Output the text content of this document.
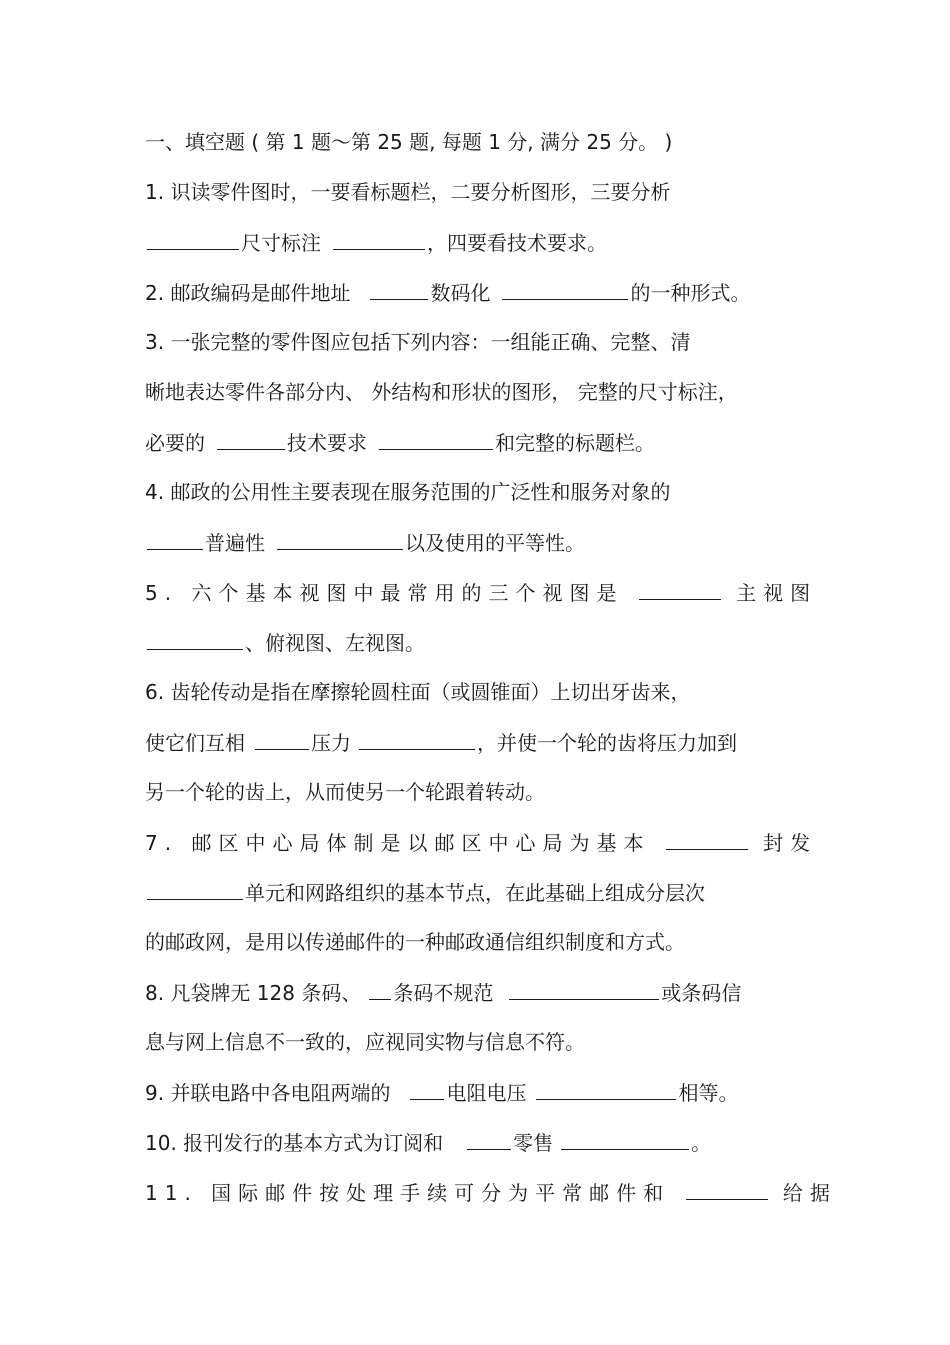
一、填空题 ( 第 1 题～第 25 题, 每题 1 分, 满分 25 分。 )
1. 识读零件图时，一要看标题栏，二要分析图形，三要分析
尺寸标注	，四要看技术要求。
2. 邮政编码是邮件地址	数码化	的一种形式。
3. 一张完整的零件图应包括下列内容：一组能正确、完整、清
晰地表达零件各部分内、 外结构和形状的图形， 完整的尺寸标注，
必要的	技术要求	和完整的标题栏。
4. 邮政的公用性主要表现在服务范围的广泛性和服务对象的
普遍性	以及使用的平等性。
5. 六个基本视图中最常用的三个视图是	主视图
、俯视图、左视图。
6. 齿轮传动是指在摩擦轮圆柱面（或圆锥面）上切出牙齿来，
使它们互相	压力	，并使一个轮的齿将压力加到
另一个轮的齿上，从而使另一个轮跟着转动。
7. 邮区中心局体制是以邮区中心局为基本	封发
单元和网路组织的基本节点，在此基础上组成分层次
的邮政网，是用以传递邮件的一种邮政通信组织制度和方式。
8. 凡袋牌无 128 条码、 条码不规范	或条码信
息与网上信息不一致的，应视同实物与信息不符。
9. 并联电路中各电阻两端的	电阻电压	相等。
10. 报刊发行的基本方式为订阅和	零售	。
11. 国际邮件按处理手续可分为平常邮件和	给据
